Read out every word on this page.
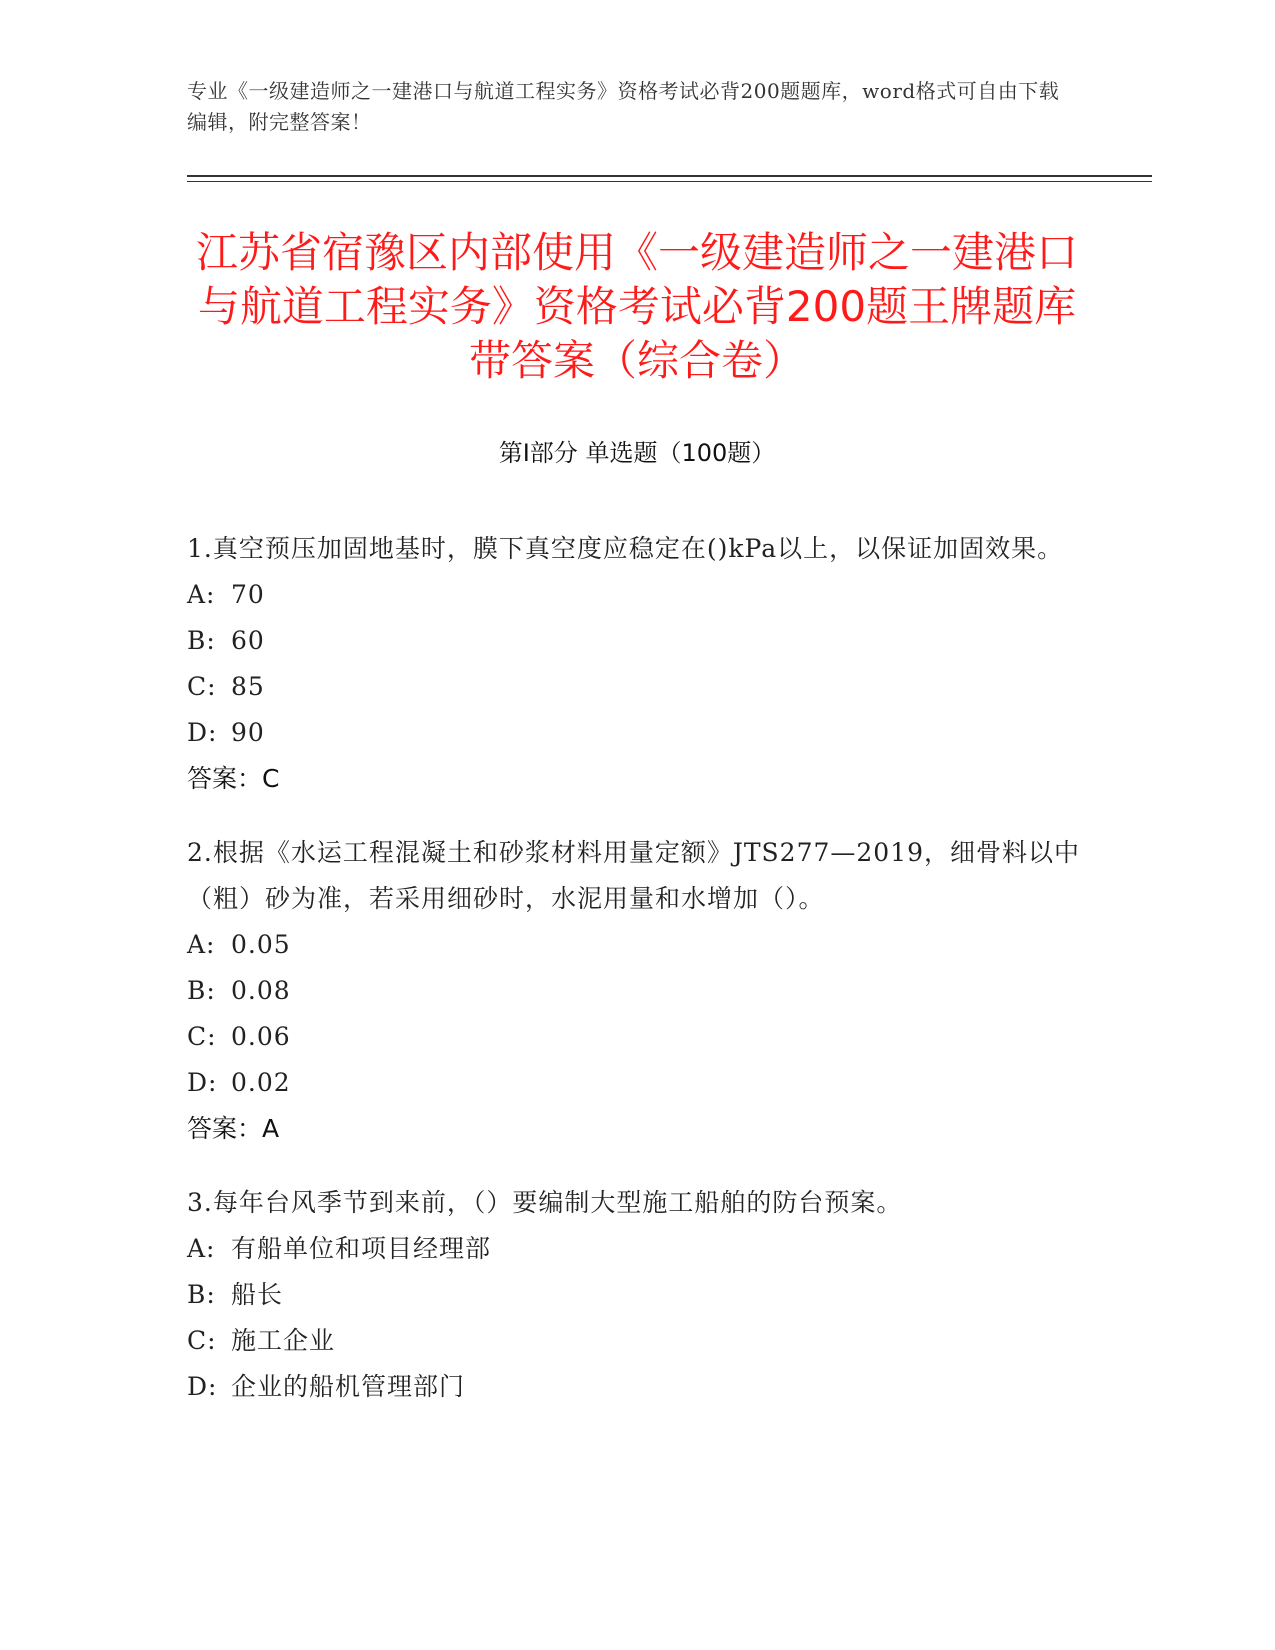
专业《一级建造师之一建港口与航道工程实务》资格考试必背200题题库，word格式可自由下载编辑，附完整答案！
江苏省宿豫区内部使用《一级建造师之一建港口与航道工程实务》资格考试必背200题王牌题库带答案（综合卷）
第I部分 单选题（100题）

1.真空预压加固地基时，膜下真空度应稳定在()kPa以上，以保证加固效果。

A: 70

B: 60

C: 85

D: 90

答案：C

2.根据《水运工程混凝土和砂浆材料用量定额》JTS277—2019，细骨料以中（粗）砂为准，若采用细砂时，水泥用量和水增加（）。

A: 0.05

B: 0.08

C: 0.06

D: 0.02

答案：A

3.每年台风季节到来前，（）要编制大型施工船舶的防台预案。

A: 有船单位和项目经理部

B: 船长

C: 施工企业

D: 企业的船机管理部门
